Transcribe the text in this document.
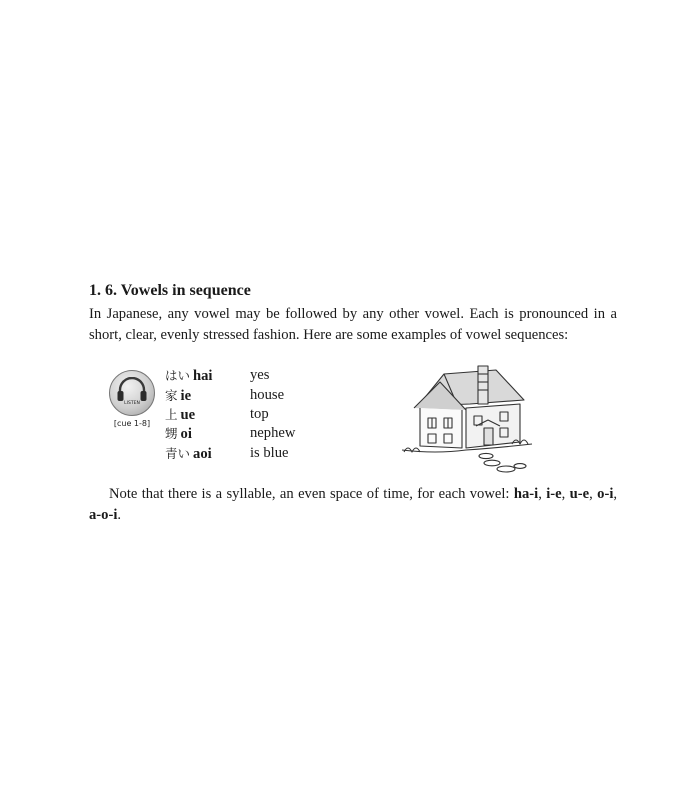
1. 6. Vowels in sequence

In Japanese, any vowel may be followed by any other vowel. Each is pronounced in a short, clear, evenly stressed fashion. Here are some examples of vowel sequences:

LISTEN
[cue 1-8]
はい hai	yes
家 ie	house
上 ue	top
甥 oi	nephew
青い aoi	is blue

Note that there is a syllable, an even space of time, for each vowel: ha-i, i-e, u-e, o-i, a-o-i.
